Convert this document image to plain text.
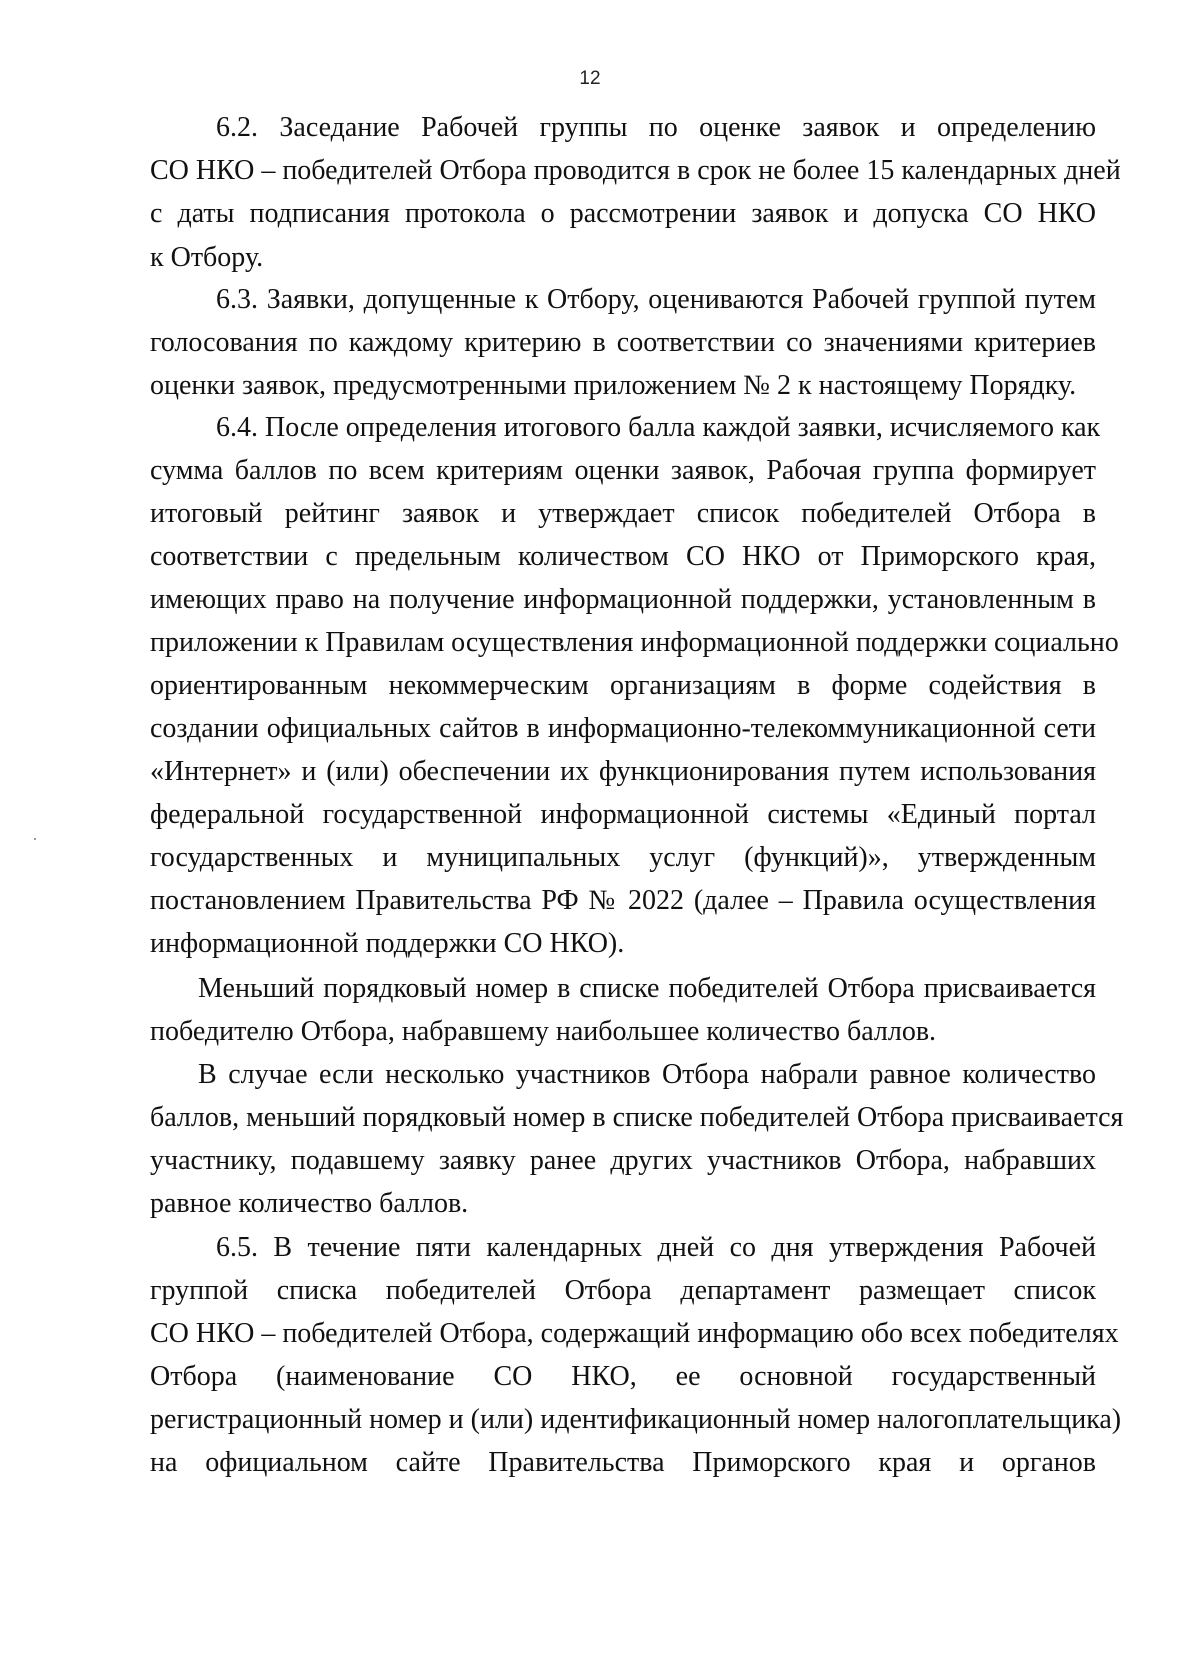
12
6.2. Заседание Рабочей группы по оценке заявок и определению
СО НКО – победителей Отбора проводится в срок не более 15 календарных дней
с даты подписания протокола о рассмотрении заявок и допуска СО НКО
к Отбору.
6.3. Заявки, допущенные к Отбору, оцениваются Рабочей группой путем
голосования по каждому критерию в соответствии со значениями критериев
оценки заявок, предусмотренными приложением № 2 к настоящему Порядку.
6.4. После определения итогового балла каждой заявки, исчисляемого как
сумма баллов по всем критериям оценки заявок, Рабочая группа формирует
итоговый рейтинг заявок и утверждает список победителей Отбора в
соответствии с предельным количеством СО НКО от Приморского края,
имеющих право на получение информационной поддержки, установленным в
приложении к Правилам осуществления информационной поддержки социально
ориентированным некоммерческим организациям в форме содействия в
создании официальных сайтов в информационно-телекоммуникационной сети
«Интернет» и (или) обеспечении их функционирования путем использования
федеральной государственной информационной системы «Единый портал
государственных и муниципальных услуг (функций)», утвержденным
постановлением Правительства РФ № 2022 (далее – Правила осуществления
информационной поддержки СО НКО).
Меньший порядковый номер в списке победителей Отбора присваивается
победителю Отбора, набравшему наибольшее количество баллов.
В случае если несколько участников Отбора набрали равное количество
баллов, меньший порядковый номер в списке победителей Отбора присваивается
участнику, подавшему заявку ранее других участников Отбора, набравших
равное количество баллов.
6.5. В течение пяти календарных дней со дня утверждения Рабочей
группой списка победителей Отбора департамент размещает список
СО НКО – победителей Отбора, содержащий информацию обо всех победителях
Отбора (наименование СО НКО, ее основной государственный
регистрационный номер и (или) идентификационный номер налогоплательщика)
на официальном сайте Правительства Приморского края и органов
